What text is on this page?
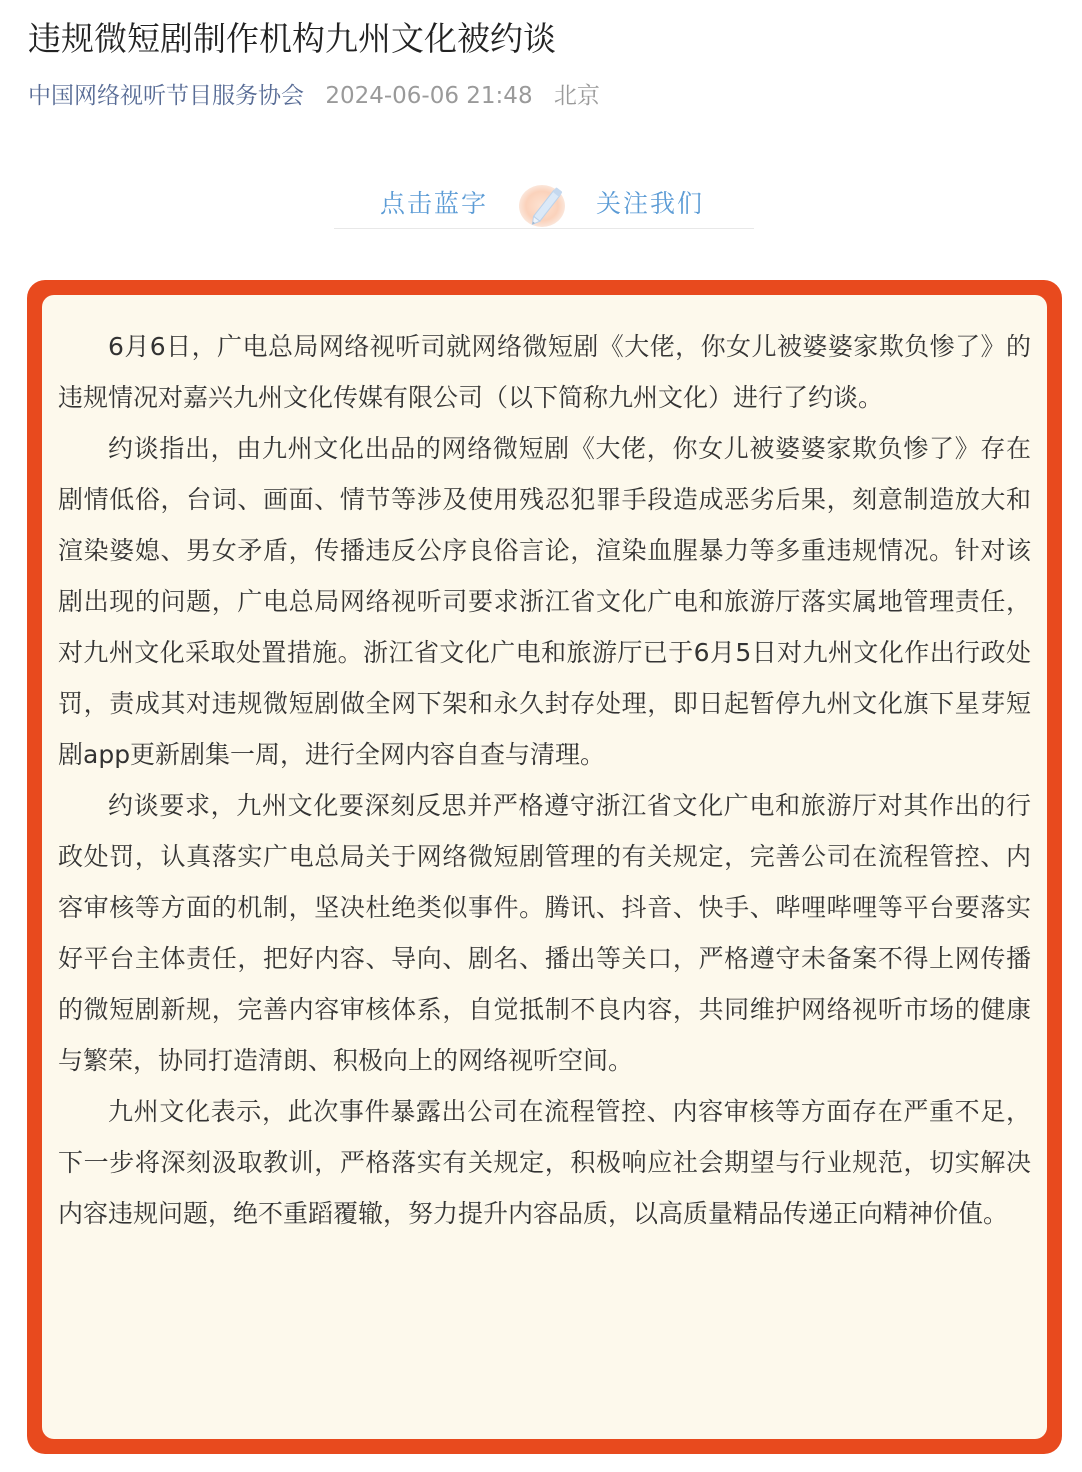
违规微短剧制作机构九州文化被约谈
中国网络视听节目服务协会 2024-06-06 21:48 北京
点击蓝字	关注我们

6月6日，广电总局网络视听司就网络微短剧《大佬，你女儿被婆婆家欺负惨了》的违规情况对嘉兴九州文化传媒有限公司（以下简称九州文化）进行了约谈。

约谈指出，由九州文化出品的网络微短剧《大佬，你女儿被婆婆家欺负惨了》存在剧情低俗，台词、画面、情节等涉及使用残忍犯罪手段造成恶劣后果，刻意制造放大和渲染婆媳、男女矛盾，传播违反公序良俗言论，渲染血腥暴力等多重违规情况。针对该剧出现的问题，广电总局网络视听司要求浙江省文化广电和旅游厅落实属地管理责任，对九州文化采取处置措施。浙江省文化广电和旅游厅已于6月5日对九州文化作出行政处罚，责成其对违规微短剧做全网下架和永久封存处理，即日起暂停九州文化旗下星芽短剧app更新剧集一周，进行全网内容自查与清理。

约谈要求，九州文化要深刻反思并严格遵守浙江省文化广电和旅游厅对其作出的行政处罚，认真落实广电总局关于网络微短剧管理的有关规定，完善公司在流程管控、内容审核等方面的机制，坚决杜绝类似事件。腾讯、抖音、快手、哔哩哔哩等平台要落实好平台主体责任，把好内容、导向、剧名、播出等关口，严格遵守未备案不得上网传播的微短剧新规，完善内容审核体系，自觉抵制不良内容，共同维护网络视听市场的健康与繁荣，协同打造清朗、积极向上的网络视听空间。

九州文化表示，此次事件暴露出公司在流程管控、内容审核等方面存在严重不足，下一步将深刻汲取教训，严格落实有关规定，积极响应社会期望与行业规范，切实解决内容违规问题，绝不重蹈覆辙，努力提升内容品质，以高质量精品传递正向精神价值。
